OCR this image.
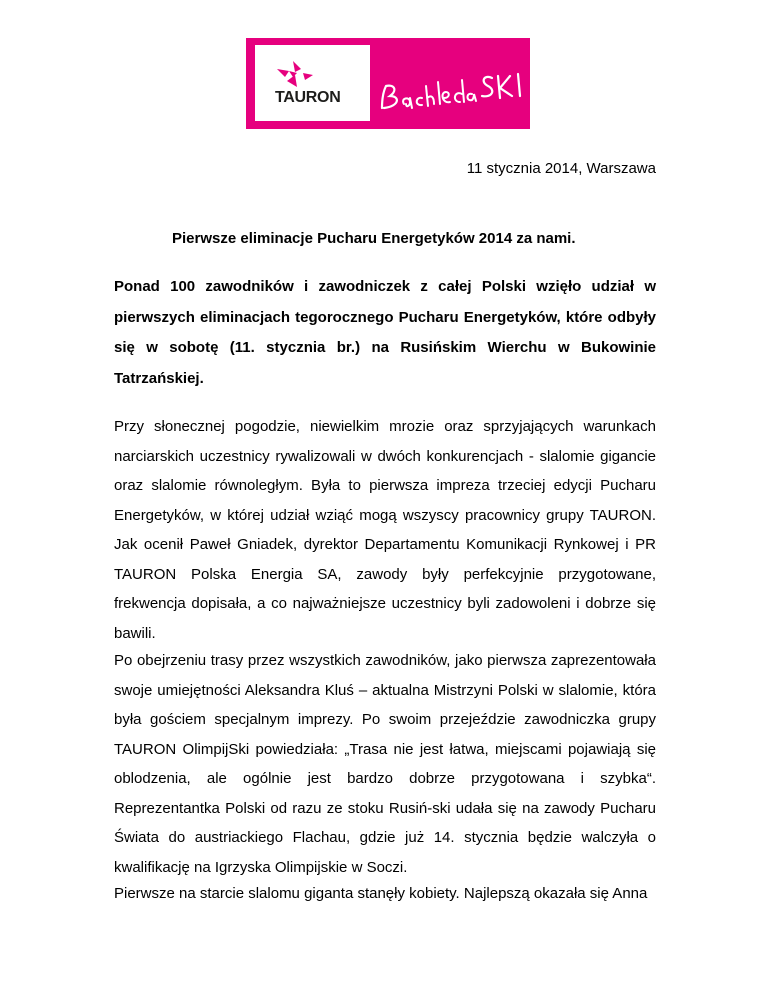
TAURON
11 stycznia 2014, Warszawa
Pierwsze eliminacje Pucharu Energetyków 2014 za nami.

Ponad 100 zawodników i zawodniczek z całej Polski wzięło udział w pierwszych eliminacjach tegorocznego Pucharu Energetyków, które odbyły się w sobotę (11. stycznia br.) na Rusińskim Wierchu w Bukowinie Tatrzańskiej.

Przy słonecznej pogodzie, niewielkim mrozie oraz sprzyjających warunkach narciarskich uczestnicy rywalizowali w dwóch konkurencjach - slalomie gigancie oraz slalomie równoległym. Była to pierwsza impreza trzeciej edycji Pucharu Energetyków, w której udział wziąć mogą wszyscy pracownicy grupy TAURON. Jak ocenił Paweł Gniadek, dyrektor Departamentu Komunikacji Rynkowej i PR TAURON Polska Energia SA, zawody były perfekcyjnie przygotowane, frekwencja dopisała, a co najważniejsze uczestnicy byli zadowoleni i dobrze się bawili.

Po obejrzeniu trasy przez wszystkich zawodników, jako pierwsza zaprezentowała swoje umiejętności Aleksandra Kluś – aktualna Mistrzyni Polski w slalomie, która była gościem specjalnym imprezy. Po swoim przejeździe zawodniczka grupy TAURON OlimpijSki powiedziała: „Trasa nie jest łatwa, miejscami pojawiają się oblodzenia, ale ogólnie jest bardzo dobrze przygotowana i szybka“. Reprezentantka Polski od razu ze stoku Rusiń-ski udała się na zawody Pucharu Świata do austriackiego Flachau, gdzie już 14. stycznia będzie walczyła o kwalifikację na Igrzyska Olimpijskie w Soczi.

Pierwsze na starcie slalomu giganta stanęły kobiety. Najlepszą okazała się Anna
